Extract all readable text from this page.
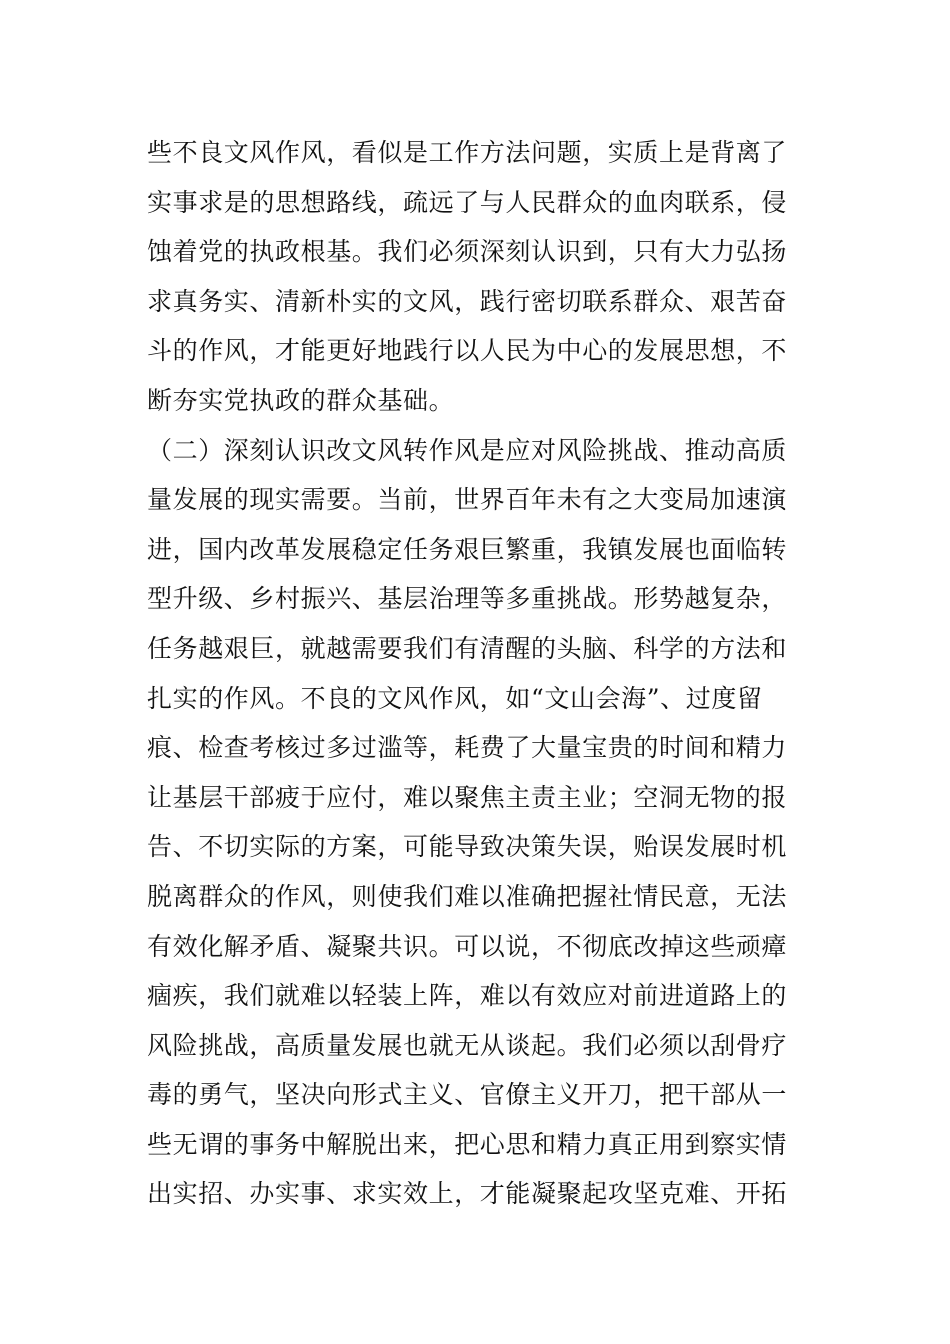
些不良文风作风，看似是工作方法问题，实质上是背离了
实事求是的思想路线，疏远了与人民群众的血肉联系，侵
蚀着党的执政根基。我们必须深刻认识到，只有大力弘扬
求真务实、清新朴实的文风，践行密切联系群众、艰苦奋
斗的作风，才能更好地践行以人民为中心的发展思想，不
断夯实党执政的群众基础。
（二）深刻认识改文风转作风是应对风险挑战、推动高质
量发展的现实需要。当前，世界百年未有之大变局加速演
进，国内改革发展稳定任务艰巨繁重，我镇发展也面临转
型升级、乡村振兴、基层治理等多重挑战。形势越复杂，
任务越艰巨，就越需要我们有清醒的头脑、科学的方法和
扎实的作风。不良的文风作风，如“文山会海”、过度留
痕、检查考核过多过滥等，耗费了大量宝贵的时间和精力
让基层干部疲于应付，难以聚焦主责主业；空洞无物的报
告、不切实际的方案，可能导致决策失误，贻误发展时机
脱离群众的作风，则使我们难以准确把握社情民意，无法
有效化解矛盾、凝聚共识。可以说，不彻底改掉这些顽瘴
痼疾，我们就难以轻装上阵，难以有效应对前进道路上的
风险挑战，高质量发展也就无从谈起。我们必须以刮骨疗
毒的勇气，坚决向形式主义、官僚主义开刀，把干部从一
些无谓的事务中解脱出来，把心思和精力真正用到察实情
出实招、办实事、求实效上，才能凝聚起攻坚克难、开拓
